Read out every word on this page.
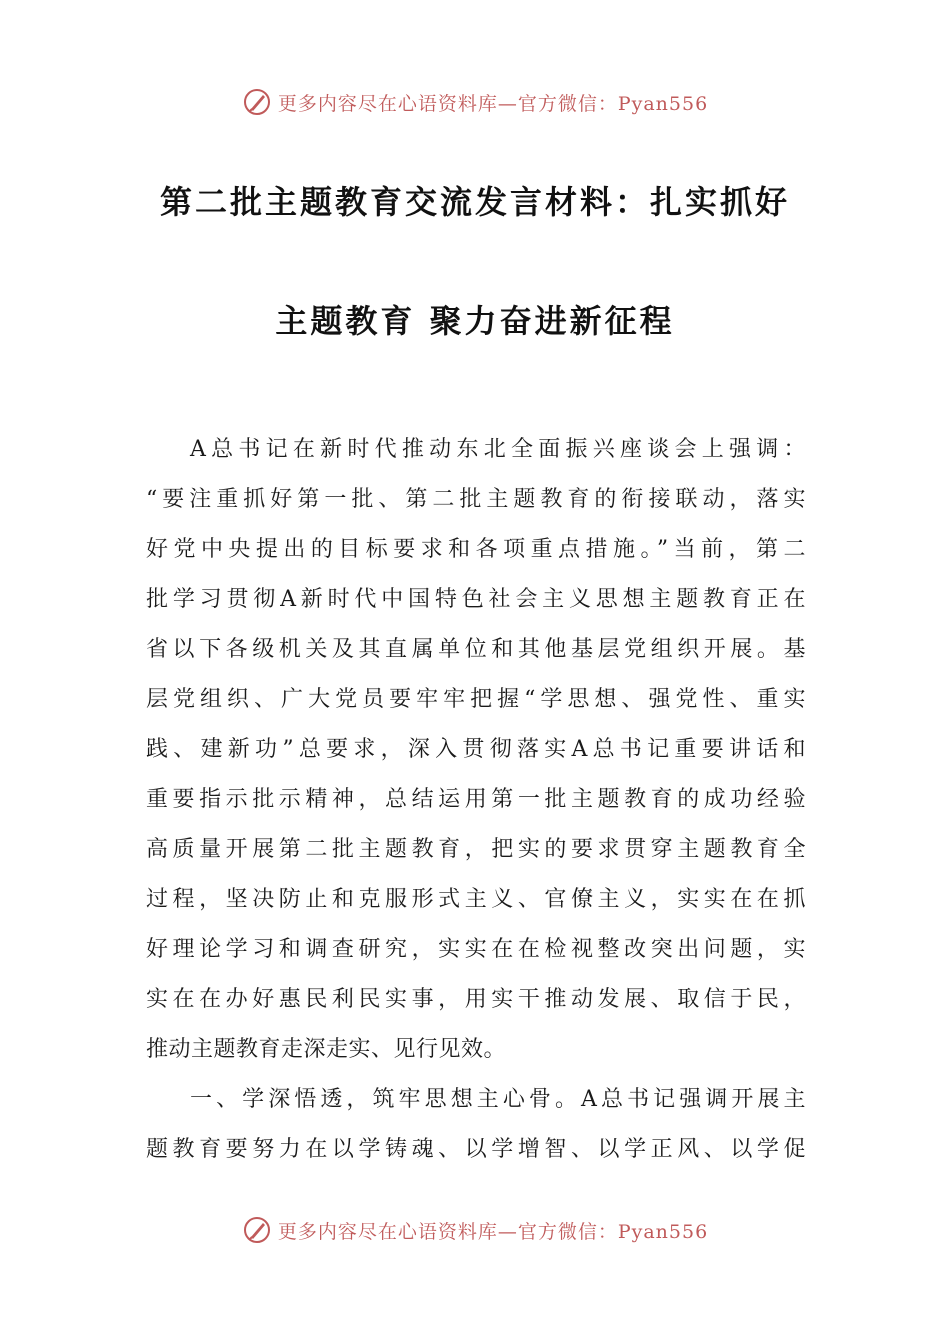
更多内容尽在心语资料库—官方微信：Pyan556
第二批主题教育交流发言材料：扎实抓好
主题教育 聚力奋进新征程
A总书记在新时代推动东北全面振兴座谈会上强调：
“要注重抓好第一批、第二批主题教育的衔接联动，落实
好党中央提出的目标要求和各项重点措施。”当前，第二
批学习贯彻A新时代中国特色社会主义思想主题教育正在
省以下各级机关及其直属单位和其他基层党组织开展。基
层党组织、广大党员要牢牢把握“学思想、强党性、重实
践、建新功”总要求，深入贯彻落实A总书记重要讲话和
重要指示批示精神，总结运用第一批主题教育的成功经验
高质量开展第二批主题教育，把实的要求贯穿主题教育全
过程，坚决防止和克服形式主义、官僚主义，实实在在抓
好理论学习和调查研究，实实在在检视整改突出问题，实
实在在办好惠民利民实事，用实干推动发展、取信于民，
推动主题教育走深走实、见行见效。
一、学深悟透，筑牢思想主心骨。A总书记强调开展主
题教育要努力在以学铸魂、以学增智、以学正风、以学促
更多内容尽在心语资料库—官方微信：Pyan556
